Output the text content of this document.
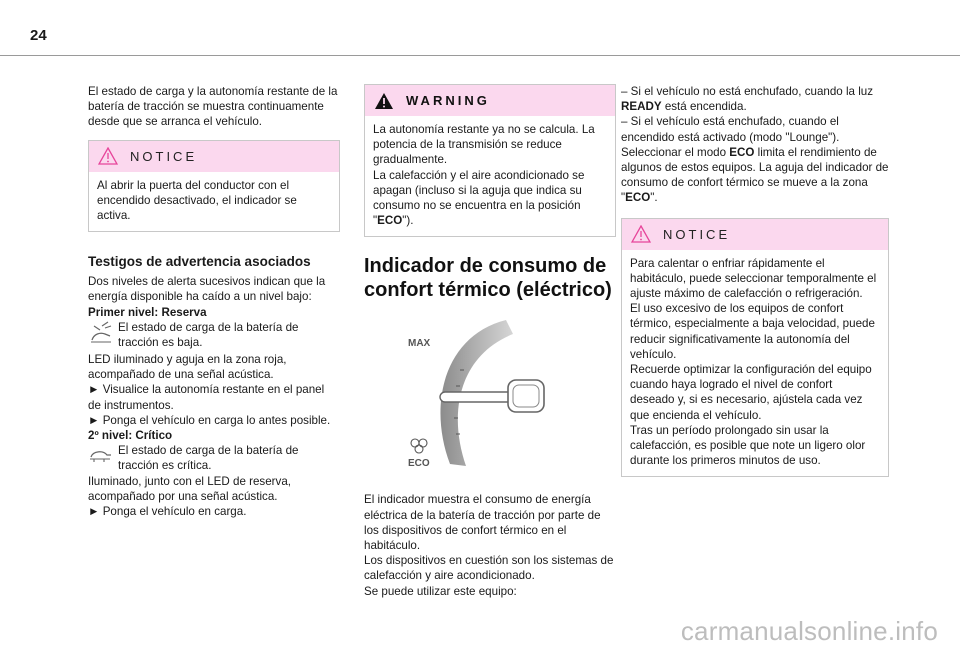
24

El estado de carga y la autonomía restante de la batería de tracción se muestra continuamente desde que se arranca el vehículo.

NOTICE

Al abrir la puerta del conductor con el encendido desactivado, el indicador se activa.

Testigos de advertencia asociados

Dos niveles de alerta sucesivos indican que la energía disponible ha caído a un nivel bajo:

Primer nivel: Reserva

El estado de carga de la batería de tracción es baja.

LED iluminado y aguja en la zona roja, acompañado de una señal acústica.

► Visualice la autonomía restante en el panel de instrumentos.

► Ponga el vehículo en carga lo antes posible.

2º nivel: Crítico

El estado de carga de la batería de tracción es crítica.

Iluminado, junto con el LED de reserva, acompañado por una señal acústica.

► Ponga el vehículo en carga.

WARNING

La autonomía restante ya no se calcula. La potencia de la transmisión se reduce gradualmente.

La calefacción y el aire acondicionado se apagan (incluso si la aguja que indica su consumo no se encuentra en la posición "ECO").

Indicador de consumo de confort térmico (eléctrico)
MAX
ECO

El indicador muestra el consumo de energía eléctrica de la batería de tracción por parte de los dispositivos de confort térmico en el habitáculo.

Los dispositivos en cuestión son los sistemas de calefacción y aire acondicionado.

Se puede utilizar este equipo:

– Si el vehículo no está enchufado, cuando la luz READY está encendida.

– Si el vehículo está enchufado, cuando el encendido está activado (modo "Lounge").

Seleccionar el modo ECO limita el rendimiento de algunos de estos equipos. La aguja del indicador de consumo de confort térmico se mueve a la zona "ECO".

NOTICE

Para calentar o enfriar rápidamente el habitáculo, puede seleccionar temporalmente el ajuste máximo de calefacción o refrigeración.

El uso excesivo de los equipos de confort térmico, especialmente a baja velocidad, puede reducir significativamente la autonomía del vehículo.

Recuerde optimizar la configuración del equipo cuando haya logrado el nivel de confort deseado y, si es necesario, ajústela cada vez que encienda el vehículo.

Tras un período prolongado sin usar la calefacción, es posible que note un ligero olor durante los primeros minutos de uso.

carmanualsonline.info
